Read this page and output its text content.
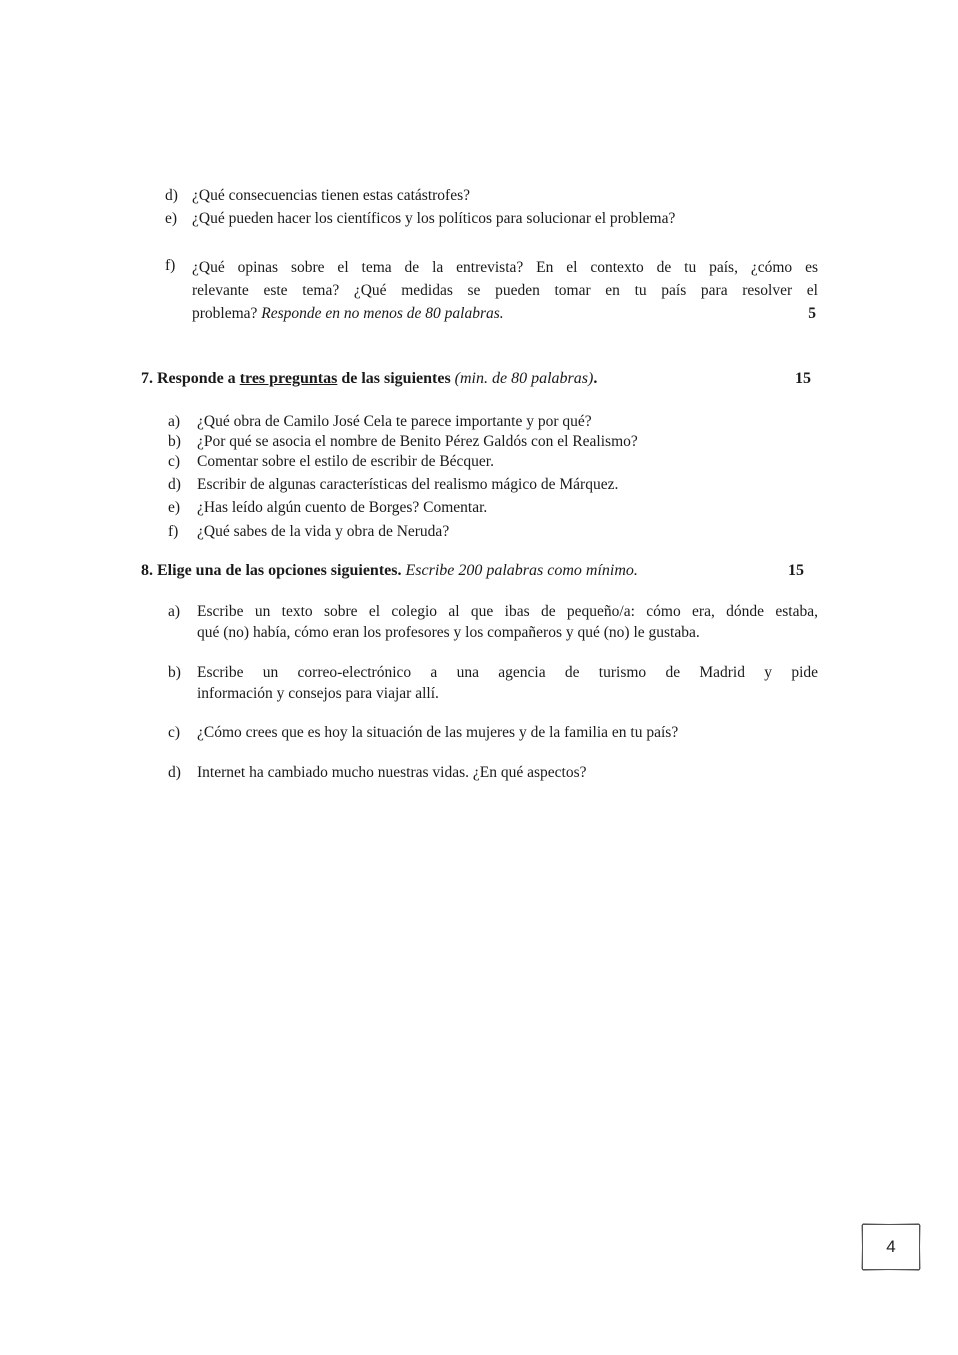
d) ¿Qué consecuencias tienen estas catástrofes?
e) ¿Qué pueden hacer los científicos y los políticos para solucionar el problema?
f) ¿Qué opinas sobre el tema de la entrevista? En el contexto de tu país, ¿cómo es
relevante este tema? ¿Qué medidas se pueden tomar en tu país para resolver el
problema? Responde en no menos de 80 palabras.	5
7. Responde a tres preguntas de las siguientes (min. de 80 palabras).	15
a) ¿Qué obra de Camilo José Cela te parece importante y por qué?
b) ¿Por qué se asocia el nombre de Benito Pérez Galdós con el Realismo?
c) Comentar sobre el estilo de escribir de Bécquer.
d) Escribir de algunas características del realismo mágico de Márquez.
e) ¿Has leído algún cuento de Borges? Comentar.
f) ¿Qué sabes de la vida y obra de Neruda?
8. Elige una de las opciones siguientes. Escribe 200 palabras como mínimo.	15
a) Escribe un texto sobre el colegio al que ibas de pequeño/a: cómo era, dónde estaba,
qué (no) había, cómo eran los profesores y los compañeros y qué (no) le gustaba.
b) Escribe un correo-electrónico a una agencia de turismo de Madrid y pide
información y consejos para viajar allí.
c) ¿Cómo crees que es hoy la situación de las mujeres y de la familia en tu país?
d) Internet ha cambiado mucho nuestras vidas. ¿En qué aspectos?
4
